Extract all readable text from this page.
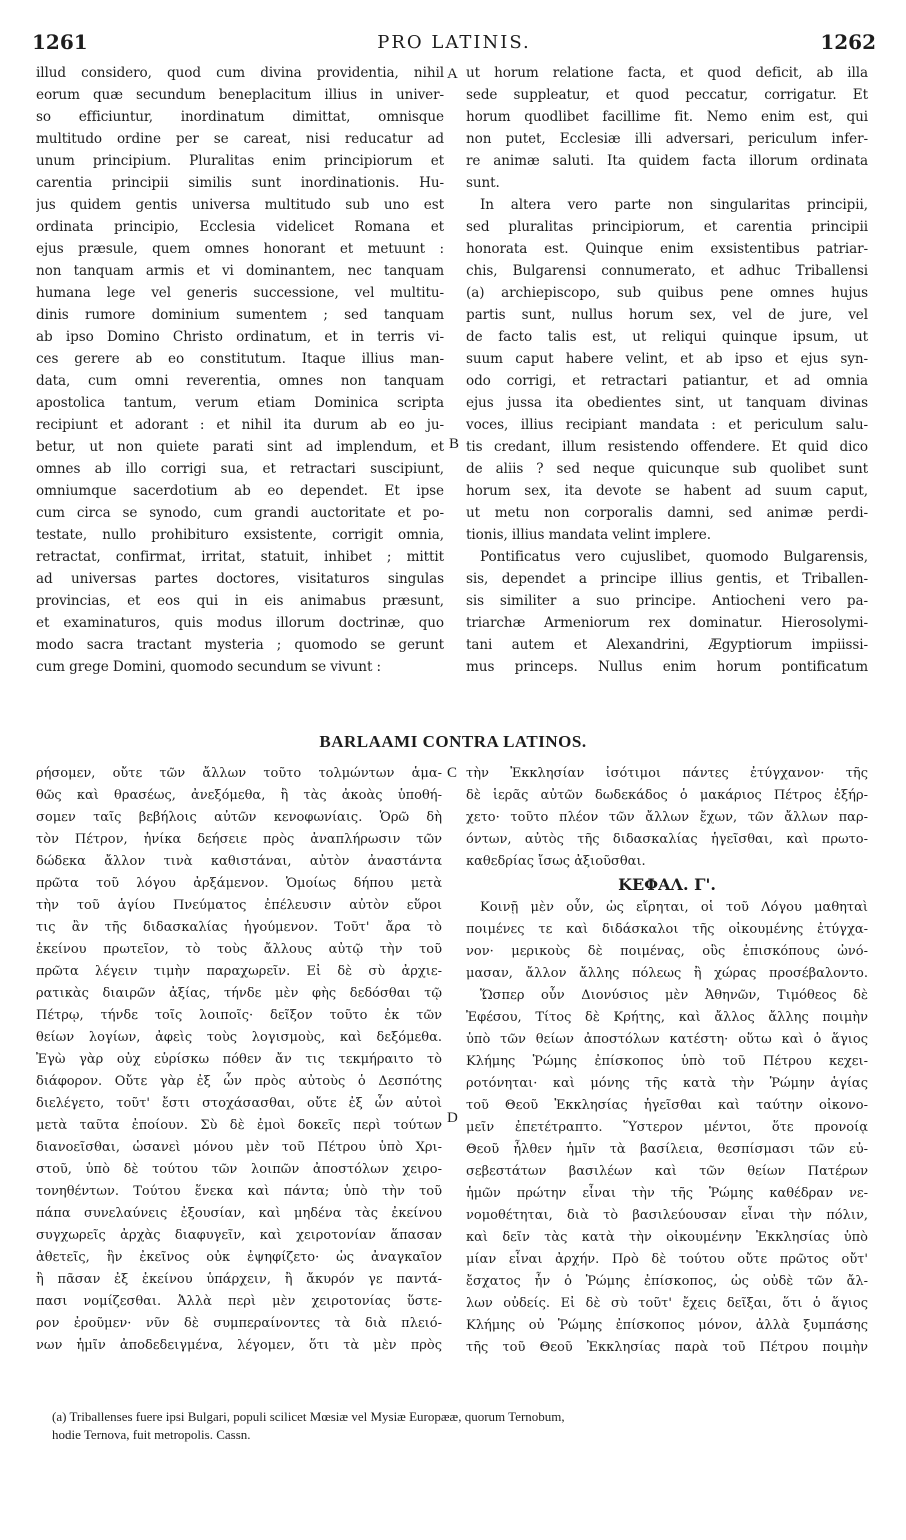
1261	PRO LATINIS.	1262
illud considero, quod cum divina providentia, nihil
eorum quæ secundum beneplacitum illius in univer-
so efficiuntur, inordinatum dimittat, omnisque
multitudo ordine per se careat, nisi reducatur ad
unum principium. Pluralitas enim principiorum et
carentia principii similis sunt inordinationis. Hu-
jus quidem gentis universa multitudo sub uno est
ordinata principio, Ecclesia videlicet Romana et
ejus præsule, quem omnes honorant et metuunt :
non tanquam armis et vi dominantem, nec tanquam
humana lege vel generis successione, vel multitu-
dinis rumore dominium sumentem ; sed tanquam
ab ipso Domino Christo ordinatum, et in terris vi-
ces gerere ab eo constitutum. Itaque illius man-
data, cum omni reverentia, omnes non tanquam
apostolica tantum, verum etiam Dominica scripta
recipiunt et adorant : et nihil ita durum ab eo ju-
betur, ut non quiete parati sint ad implendum, et
omnes ab illo corrigi sua, et retractari suscipiunt,
omniumque sacerdotium ab eo dependet. Et ipse
cum circa se synodo, cum grandi auctoritate et po-
testate, nullo prohibituro exsistente, corrigit omnia,
retractat, confirmat, irritat, statuit, inhibet ; mittit
ad universas partes doctores, visitaturos singulas
provincias, et eos qui in eis animabus præsunt,
et examinaturos, quis modus illorum doctrinæ, quo
modo sacra tractant mysteria ; quomodo se gerunt
cum grege Domini, quomodo secundum se vivunt :
ut horum relatione facta, et quod deficit, ab illa
sede suppleatur, et quod peccatur, corrigatur. Et
horum quodlibet facillime fit. Nemo enim est, qui
non putet, Ecclesiæ illi adversari, periculum infer-
re animæ saluti. Ita quidem facta illorum ordinata
sunt.
In altera vero parte non singularitas principii,
sed pluralitas principiorum, et carentia principii
honorata est. Quinque enim exsistentibus patriar-
chis, Bulgarensi connumerato, et adhuc Triballensi
(a) archiepiscopo, sub quibus pene omnes hujus
partis sunt, nullus horum sex, vel de jure, vel
de facto talis est, ut reliqui quinque ipsum, ut
suum caput habere velint, et ab ipso et ejus syn-
odo corrigi, et retractari patiantur, et ad omnia
ejus jussa ita obedientes sint, ut tanquam divinas
voces, illius recipiant mandata : et periculum salu-
tis credant, illum resistendo offendere. Et quid dico
de aliis ? sed neque quicunque sub quolibet sunt
horum sex, ita devote se habent ad suum caput,
ut metu non corporalis damni, sed animæ perdi-
tionis, illius mandata velint implere.
Pontificatus vero cujuslibet, quomodo Bulgarensis,
sis, dependet a principe illius gentis, et Triballen-
sis similiter a suo principe. Antiocheni vero pa-
triarchæ Armeniorum rex dominatur. Hierosolymi-
tani autem et Alexandrini, Ægyptiorum impiissi-
mus princeps. Nullus enim horum pontificatum
A
B
C
D
BARLAAMI CONTRA LATINOS.
ρήσομεν, οὔτε τῶν ἄλλων τοῦτο τολμώντων ἁμα-
θῶς καὶ θρασέως, ἀνεξόμεθα, ἢ τὰς ἀκοὰς ὑποθή-
σομεν ταῖς βεβήλοις αὐτῶν κενοφωνίαις. Ὁρῶ δὴ
τὸν Πέτρον, ἡνίκα δεήσειε πρὸς ἀναπλήρωσιν τῶν
δώδεκα ἄλλον τινὰ καθιστάναι, αὐτὸν ἀναστάντα
πρῶτα τοῦ λόγου ἀρξάμενον. Ὁμοίως δήπου μετὰ
τὴν τοῦ ἁγίου Πνεύματος ἐπέλευσιν αὐτὸν εὕροι
τις ἂν τῆς διδασκαλίας ἡγούμενον. Τοῦτ' ἄρα τὸ
ἐκείνου πρωτεῖον, τὸ τοὺς ἄλλους αὐτῷ τὴν τοῦ
πρῶτα λέγειν τιμὴν παραχωρεῖν. Εἰ δὲ σὺ ἀρχιε-
ρατικὰς διαιρῶν ἀξίας, τήνδε μὲν φὴς δεδόσθαι τῷ
Πέτρῳ, τήνδε τοῖς λοιποῖς· δεῖξον τοῦτο ἐκ τῶν
θείων λογίων, ἀφεὶς τοὺς λογισμοὺς, καὶ δεξόμεθα.
Ἐγὼ γὰρ οὐχ εὑρίσκω πόθεν ἄν τις τεκμήραιτο τὸ
διάφορον. Οὔτε γὰρ ἐξ ὧν πρὸς αὐτοὺς ὁ Δεσπότης
διελέγετο, τοῦτ' ἔστι στοχάσασθαι, οὔτε ἐξ ὧν αὐτοὶ
μετὰ ταῦτα ἐποίουν. Σὺ δὲ ἐμοὶ δοκεῖς περὶ τούτων
διανοεῖσθαι, ὡσανεὶ μόνου μὲν τοῦ Πέτρου ὑπὸ Χρι-
στοῦ, ὑπὸ δὲ τούτου τῶν λοιπῶν ἀποστόλων χειρο-
τονηθέντων. Τούτου ἕνεκα καὶ πάντα; ὑπὸ τὴν τοῦ
πάπα συνελαύνεις ἐξουσίαν, καὶ μηδένα τὰς ἐκείνου
συγχωρεῖς ἀρχὰς διαφυγεῖν, καὶ χειροτονίαν ἅπασαν
ἀθετεῖς, ἣν ἐκεῖνος οὐκ ἐψηφίζετο· ὡς ἀναγκαῖον
ἢ πᾶσαν ἐξ ἐκείνου ὑπάρχειν, ἢ ἄκυρόν γε παντά-
πασι νομίζεσθαι. Ἀλλὰ περὶ μὲν χειροτονίας ὕστε-
ρον ἐροῦμεν· νῦν δὲ συμπεραίνοντες τὰ διὰ πλειό-
νων ἡμῖν ἀποδεδειγμένα, λέγομεν, ὅτι τὰ μὲν πρὸς
τὴν Ἐκκλησίαν ἰσότιμοι πάντες ἐτύγχανον· τῆς
δὲ ἱερᾶς αὐτῶν δωδεκάδος ὁ μακάριος Πέτρος ἐξήρ-
χετο· τοῦτο πλέον τῶν ἄλλων ἔχων, τῶν ἄλλων παρ-
όντων, αὐτὸς τῆς διδασκαλίας ἡγεῖσθαι, καὶ πρωτο-
καθεδρίας ἴσως ἀξιοῦσθαι.
ΚΕΦΑΛ. Γ'.
Κοινῇ μὲν οὖν, ὡς εἴρηται, οἱ τοῦ Λόγου μαθηταὶ
ποιμένες τε καὶ διδάσκαλοι τῆς οἰκουμένης ἐτύγχα-
νον· μερικοὺς δὲ ποιμένας, οὓς ἐπισκόπους ὠνό-
μασαν, ἄλλον ἄλλης πόλεως ἢ χώρας προσέβαλοντο.
Ὥσπερ οὖν Διονύσιος μὲν Ἀθηνῶν, Τιμόθεος δὲ
Ἐφέσου, Τίτος δὲ Κρήτης, καὶ ἄλλος ἄλλης ποιμὴν
ὑπὸ τῶν θείων ἀποστόλων κατέστη· οὕτω καὶ ὁ ἅγιος
Κλήμης Ῥώμης ἐπίσκοπος ὑπὸ τοῦ Πέτρου κεχει-
ροτόνηται· καὶ μόνης τῆς κατὰ τὴν Ῥώμην ἁγίας
τοῦ Θεοῦ Ἐκκλησίας ἡγεῖσθαι καὶ ταύτην οἰκονο-
μεῖν ἐπετέτραπτο. Ὕστερον μέντοι, ὅτε προνοίᾳ
Θεοῦ ἦλθεν ἡμῖν τὰ βασίλεια, θεσπίσμασι τῶν εὐ-
σεβεστάτων βασιλέων καὶ τῶν θείων Πατέρων
ἡμῶν πρώτην εἶναι τὴν τῆς Ῥώμης καθέδραν νε-
νομοθέτηται, διὰ τὸ βασιλεύουσαν εἶναι τὴν πόλιν,
καὶ δεῖν τὰς κατὰ τὴν οἰκουμένην Ἐκκλησίας ὑπὸ
μίαν εἶναι ἀρχήν. Πρὸ δὲ τούτου οὔτε πρῶτος οὔτ'
ἔσχατος ἦν ὁ Ῥώμης ἐπίσκοπος, ὡς οὐδὲ τῶν ἄλ-
λων οὐδείς. Εἰ δὲ σὺ τοῦτ' ἔχεις δεῖξαι, ὅτι ὁ ἅγιος
Κλήμης οὐ Ῥώμης ἐπίσκοπος μόνον, ἀλλὰ ξυμπάσης
τῆς τοῦ Θεοῦ Ἐκκλησίας παρὰ τοῦ Πέτρου ποιμὴν
(a) Triballenses fuere ipsi Bulgari, populi scilicet Mœsiæ vel Mysiæ Europææ, quorum Ternobum,
hodie Ternova, fuit metropolis. Cassn.
